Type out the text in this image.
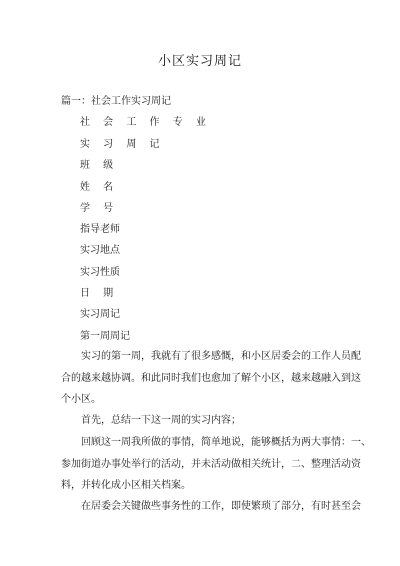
小区实习周记
篇一：社会工作实习周记
社 会 工 作 专 业
实 习 周 记
班 级
姓 名
学 号
指导老师
实习地点
实习性质
日 期
实习周记
第一周周记
实习的第一周，我就有了很多感慨，和小区居委会的工作人员配
合的越来越协调。和此同时我们也愈加了解个小区，越来越融入到这
个小区。
首先，总结一下这一周的实习内容；
回顾这一周我所做的事情，简单地说，能够概括为两大事情：一、
参加街道办事处举行的活动，并未活动做相关统计，二、整理活动资
料，并转化成小区相关档案。
在居委会关键做些事务性的工作，即使繁琐了部分，有时甚至会
